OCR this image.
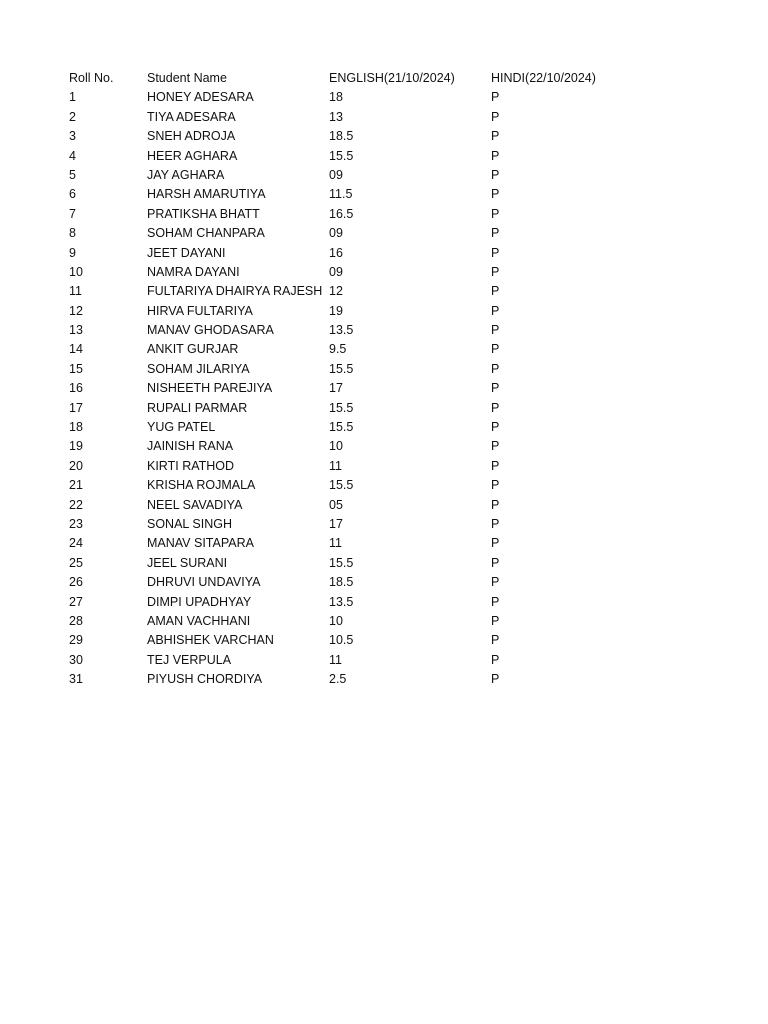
Roll No.	Student Name	ENGLISH(21/10/2024)	HINDI(22/10/2024)
1	HONEY ADESARA	18	P
2	TIYA ADESARA	13	P
3	SNEH ADROJA	18.5	P
4	HEER AGHARA	15.5	P
5	JAY AGHARA	09	P
6	HARSH AMARUTIYA	11.5	P
7	PRATIKSHA BHATT	16.5	P
8	SOHAM CHANPARA	09	P
9	JEET DAYANI	16	P
10	NAMRA DAYANI	09	P
11	FULTARIYA DHAIRYA RAJESH 12	P
12	HIRVA FULTARIYA	19	P
13	MANAV GHODASARA	13.5	P
14	ANKIT GURJAR	9.5	P
15	SOHAM JILARIYA	15.5	P
16	NISHEETH PAREJIYA	17	P
17	RUPALI PARMAR	15.5	P
18	YUG PATEL	15.5	P
19	JAINISH RANA	10	P
20	KIRTI RATHOD	11	P
21	KRISHA ROJMALA	15.5	P
22	NEEL SAVADIYA	05	P
23	SONAL SINGH	17	P
24	MANAV SITAPARA	11	P
25	JEEL SURANI	15.5	P
26	DHRUVI UNDAVIYA	18.5	P
27	DIMPI UPADHYAY	13.5	P
28	AMAN VACHHANI	10	P
29	ABHISHEK VARCHAN	10.5	P
30	TEJ VERPULA	11	P
31	PIYUSH CHORDIYA	2.5	P
